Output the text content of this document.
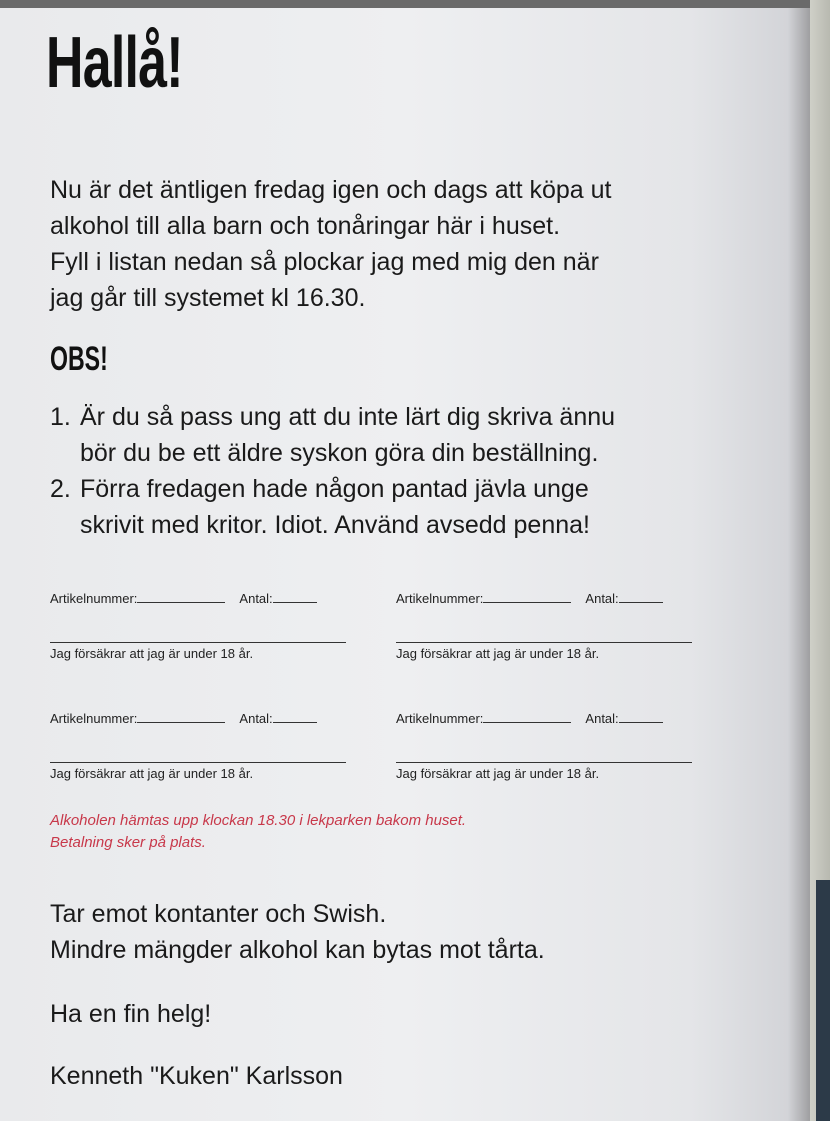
Hallå!
Nu är det äntligen fredag igen och dags att köpa ut
alkohol till alla barn och tonåringar här i huset.
Fyll i listan nedan så plockar jag med mig den när
jag går till systemet kl 16.30.
OBS!
1. Är du så pass ung att du inte lärt dig skriva ännu
bör du be ett äldre syskon göra din beställning.
2. Förra fredagen hade någon pantad jävla unge
skrivit med kritor. Idiot. Använd avsedd penna!
Artikelnummer:	Antal:
Jag försäkrar att jag är under 18 år.
Artikelnummer:	Antal:
Jag försäkrar att jag är under 18 år.
Artikelnummer:	Antal:
Jag försäkrar att jag är under 18 år.
Artikelnummer:	Antal:
Jag försäkrar att jag är under 18 år.
Alkoholen hämtas upp klockan 18.30 i lekparken bakom huset.
Betalning sker på plats.
Tar emot kontanter och Swish.
Mindre mängder alkohol kan bytas mot tårta.
Ha en fin helg!
Kenneth "Kuken" Karlsson
